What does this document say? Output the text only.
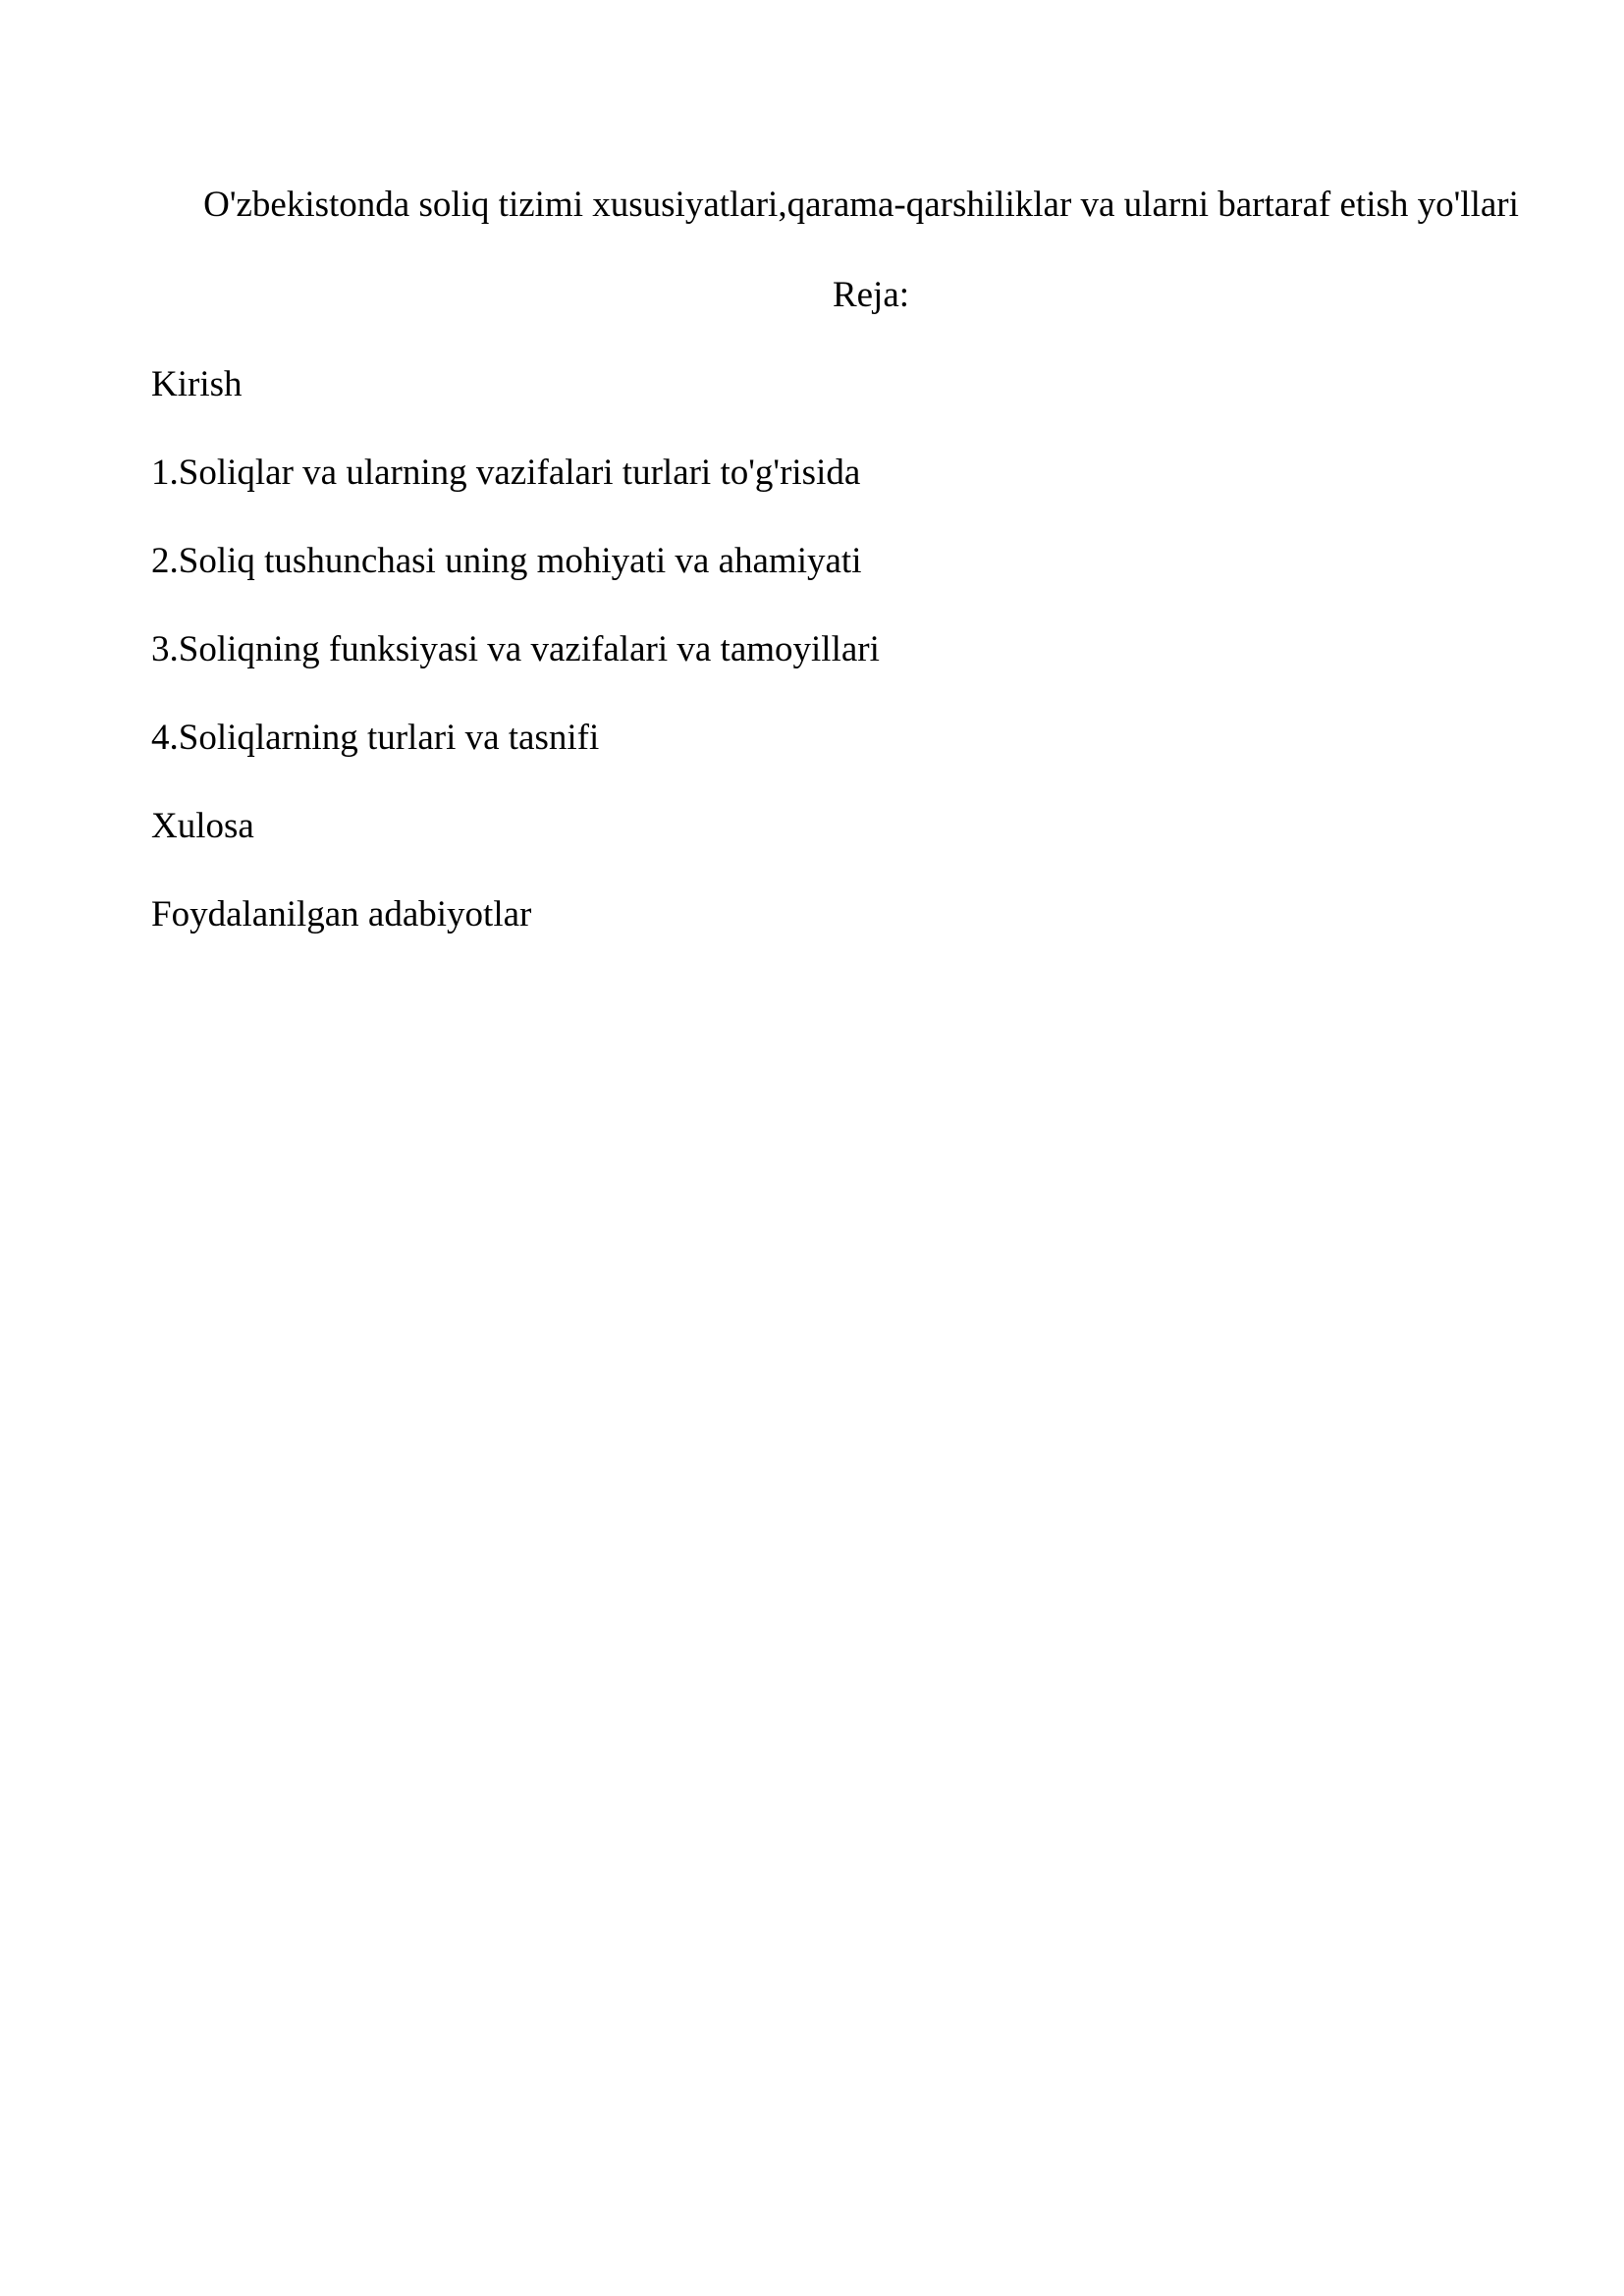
O'zbekistonda soliq tizimi xususiyatlari,qarama-qarshiliklar va ularni bartaraf etish yo'llari
Reja:
Kirish
1.Soliqlar va ularning vazifalari turlari to'g'risida
2.Soliq tushunchasi uning mohiyati va ahamiyati
3.Soliqning funksiyasi va vazifalari va tamoyillari
4.Soliqlarning turlari va tasnifi
Xulosa
Foydalanilgan adabiyotlar
